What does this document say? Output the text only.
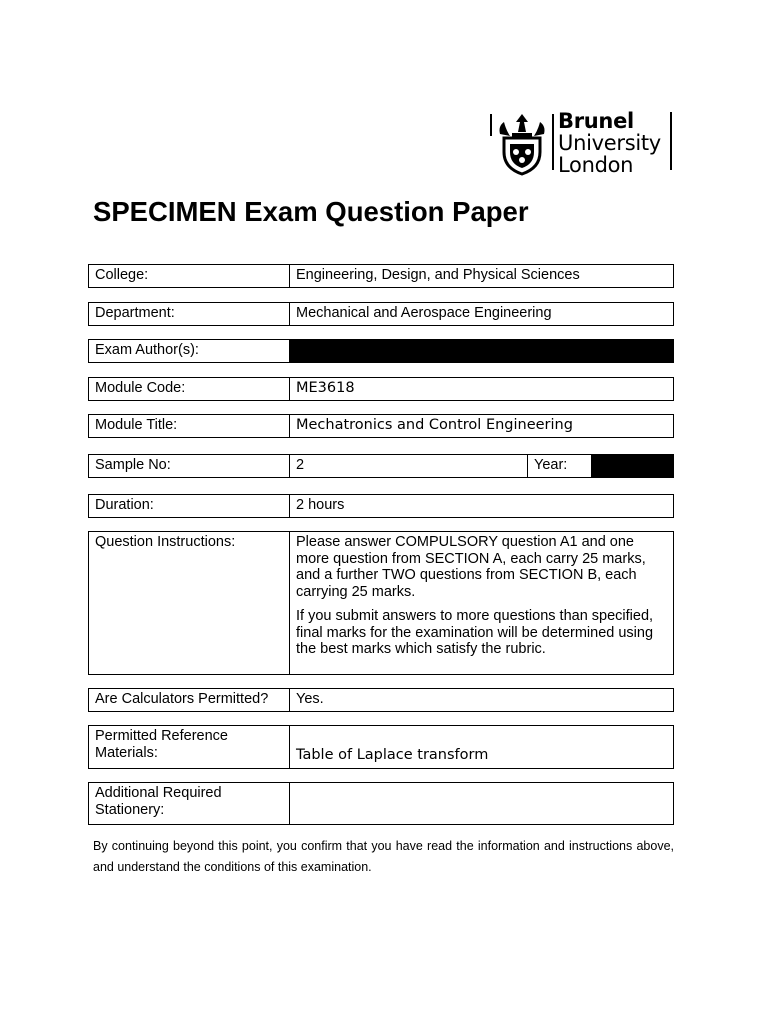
Brunel
University
London
SPECIMEN Exam Question Paper
College:	Engineering, Design, and Physical Sciences
Department:	Mechanical and Aerospace Engineering
Exam Author(s):
Module Code:	ME3618
Module Title:	Mechatronics and Control Engineering
Sample No:	2	Year:
Duration:	2 hours
Question Instructions:	Please answer COMPULSORY question A1 and one more question from SECTION A, each carry 25 marks, and a further TWO questions from SECTION B, each carrying 25 marks.

If you submit answers to more questions than specified, final marks for the examination will be determined using the best marks which satisfy the rubric.

Are Calculators Permitted?	Yes.
Permitted Reference Materials:	Table of Laplace transform
Additional Required Stationery:

By continuing beyond this point, you confirm that you have read the information and instructions above, and understand the conditions of this examination.
